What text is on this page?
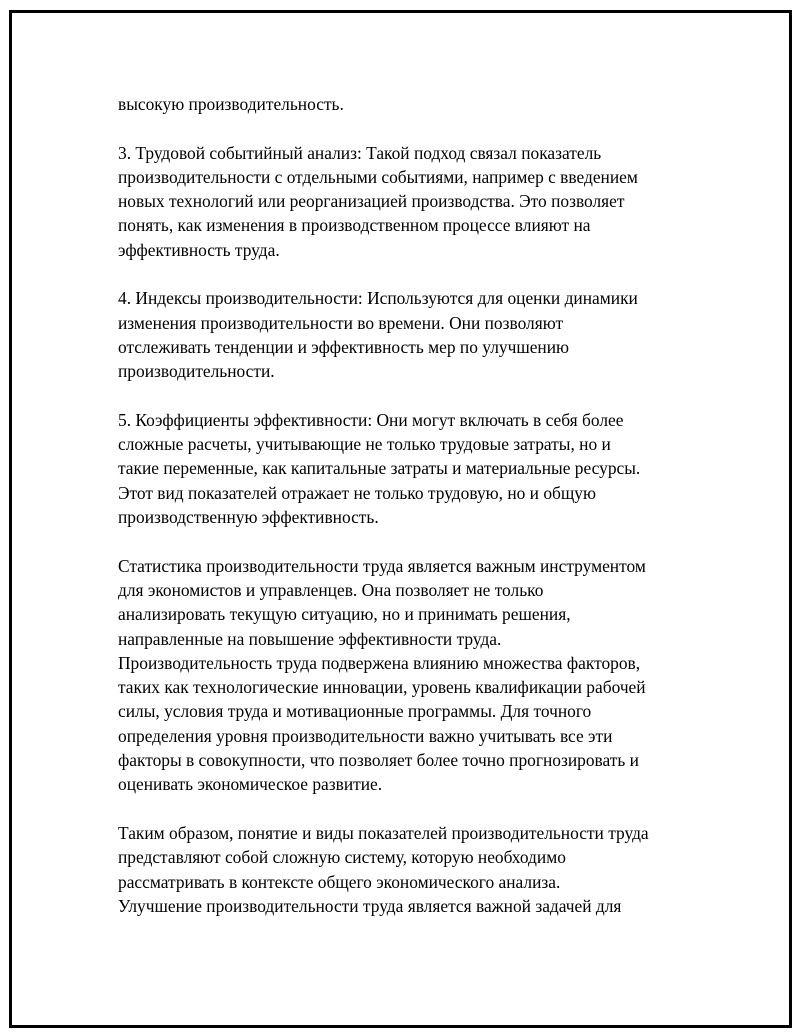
высокую производительность.

3. Трудовой событийный анализ: Такой подход связал показатель
производительности с отдельными событиями, например с введением
новых технологий или реорганизацией производства. Это позволяет
понять, как изменения в производственном процессе влияют на
эффективность труда.

4. Индексы производительности: Используются для оценки динамики
изменения производительности во времени. Они позволяют
отслеживать тенденции и эффективность мер по улучшению
производительности.

5. Коэффициенты эффективности: Они могут включать в себя более
сложные расчеты, учитывающие не только трудовые затраты, но и
такие переменные, как капитальные затраты и материальные ресурсы.
Этот вид показателей отражает не только трудовую, но и общую
производственную эффективность.

Статистика производительности труда является важным инструментом
для экономистов и управленцев. Она позволяет не только
анализировать текущую ситуацию, но и принимать решения,
направленные на повышение эффективности труда.
Производительность труда подвержена влиянию множества факторов,
таких как технологические инновации, уровень квалификации рабочей
силы, условия труда и мотивационные программы. Для точного
определения уровня производительности важно учитывать все эти
факторы в совокупности, что позволяет более точно прогнозировать и
оценивать экономическое развитие.

Таким образом, понятие и виды показателей производительности труда
представляют собой сложную систему, которую необходимо
рассматривать в контексте общего экономического анализа.
Улучшение производительности труда является важной задачей для
